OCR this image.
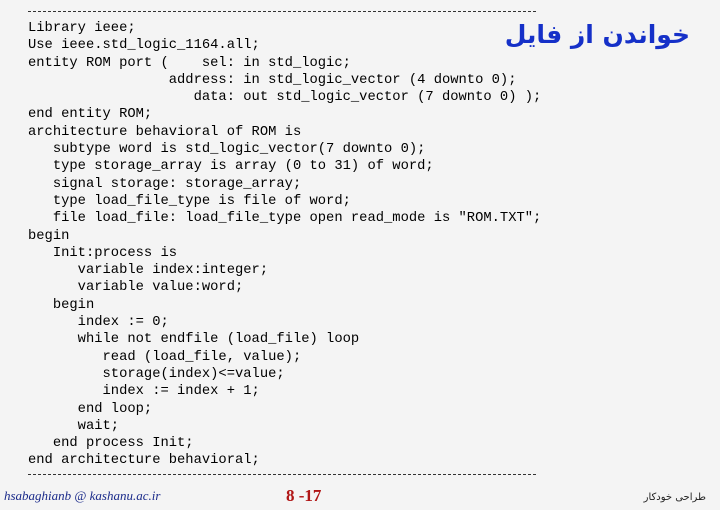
خواندن از فایل
Library ieee;
Use ieee.std_logic_1164.all;
entity ROM port (    sel: in std_logic;
address: in std_logic_vector (4 downto 0);
data: out std_logic_vector (7 downto 0) );
end entity ROM;
architecture behavioral of ROM is
subtype word is std_logic_vector(7 downto 0);
type storage_array is array (0 to 31) of word;
signal storage: storage_array;
type load_file_type is file of word;
file load_file: load_file_type open read_mode is "ROM.TXT";
begin
Init:process is
variable index:integer;
variable value:word;
begin
index := 0;
while not endfile (load_file) loop
read (load_file, value);
storage(index)<=value;
index := index + 1;
end loop;
wait;
end process Init;
end architecture behavioral;
hsabaghianb @ kashanu.ac.ir	8 -17	طراحی خودکار
